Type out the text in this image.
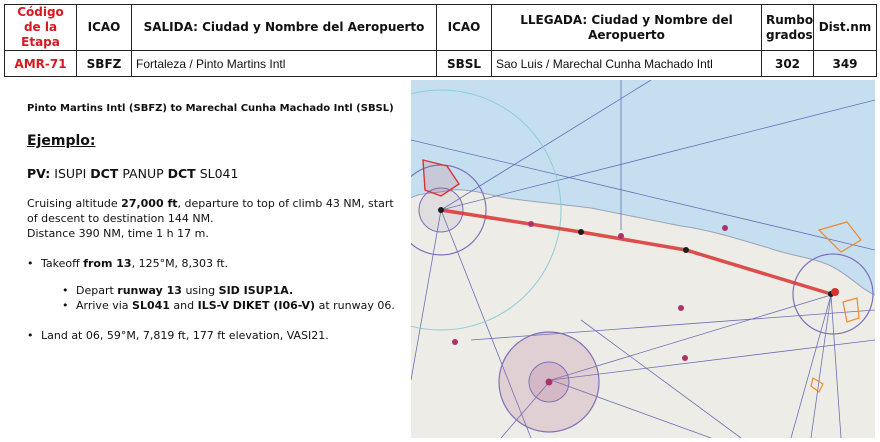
Código de la Etapa	ICAO	SALIDA: Ciudad y Nombre del Aeropuerto	ICAO	LLEGADA: Ciudad y Nombre del Aeropuerto	Rumbo grados	Dist.nm
AMR-71	SBFZ	Fortaleza / Pinto Martins Intl	SBSL	Sao Luis / Marechal Cunha Machado Intl	302	349
Pinto Martins Intl (SBFZ) to Marechal Cunha Machado Intl (SBSL)
Ejemplo:
PV: ISUPI DCT PANUP DCT SL041
Cruising altitude 27,000 ft, departure to top of climb 43 NM, start of descent to destination 144 NM.
Distance 390 NM, time 1 h 17 m.
• Takeoff from 13, 125°M, 8,303 ft.
• Depart runway 13 using SID ISUP1A.
• Arrive via SL041 and ILS-V DIKET (I06-V) at runway 06.
• Land at 06, 59°M, 7,819 ft, 177 ft elevation, VASI21.
